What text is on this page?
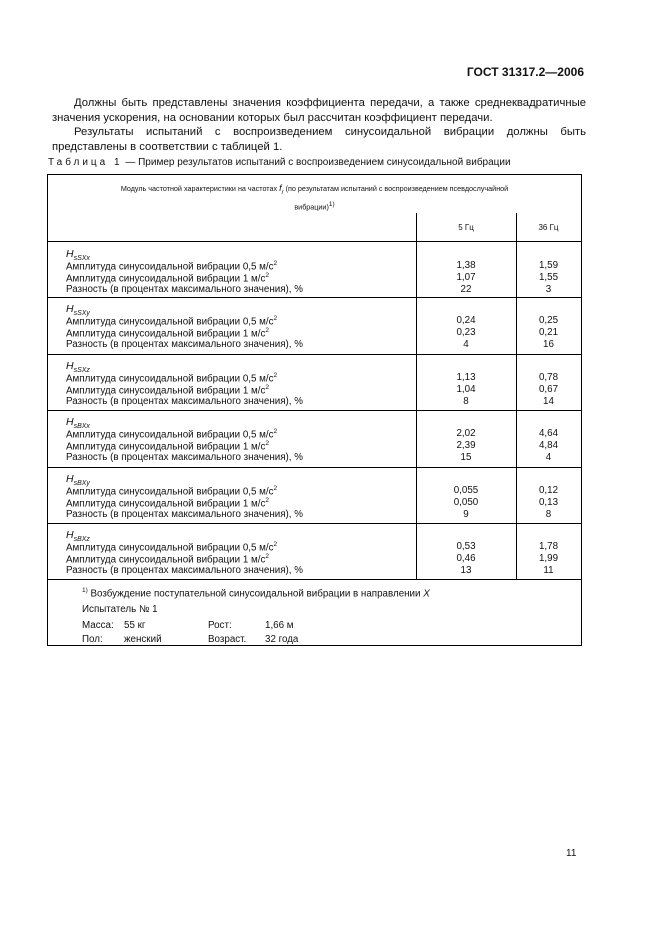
ГОСТ 31317.2—2006

Должны быть представлены значения коэффициента передачи, а также среднеквадратичные значения ускорения, на основании которых был рассчитан коэффициент передачи.

Результаты испытаний с воспроизведением синусоидальной вибрации должны быть представлены в соответствии с таблицей 1.

Таблица 1 — Пример результатов испытаний с воспроизведением синусоидальной вибрации
Модуль частотной характеристики на частотах $f_r$ (по результатам испытаний с воспроизведением псевдослучайной
вибрации)$^{1)}$
5 Гц	36 Гц
$^{1)}$ Возбуждение поступательной синусоидальной вибрации в направлении X
Испытатель № 1
Масса: 55 кг	Рост:	1,66 м
Пол: женский	Возраст. 32 года
$H_{sSXx}$
Амплитуда синусоидальной вибрации 0,5 $м/с^2$	1,38	1,59
Амплитуда синусоидальной вибрации 1 $м/с^2$	1,07	1,55
Разность (в процентах максимального значения), %	22	3
$H_{sSXy}$
Амплитуда синусоидальной вибрации 0,5 $м/с^2$	0,24	0,25
Амплитуда синусоидальной вибрации 1 $м/с^2$	0,23	0,21
Разность (в процентах максимального значения), %	4	16
$H_{sSXz}$
Амплитуда синусоидальной вибрации 0,5 $м/с^2$	1,13	0,78
Амплитуда синусоидальной вибрации 1 $м/с^2$	1,04	0,67
Разность (в процентах максимального значения), %	8	14
$H_{sBXx}$
Амплитуда синусоидальной вибрации 0,5 $м/с^2$	2,02	4,64
Амплитуда синусоидальной вибрации 1 $м/с^2$	2,39	4,84
Разность (в процентах максимального значения), %	15	4
$H_{sBXy}$
Амплитуда синусоидальной вибрации 0,5 $м/с^2$	0,055	0,12
Амплитуда синусоидальной вибрации 1 $м/с^2$	0,050	0,13
Разность (в процентах максимального значения), %	9	8
$H_{sBXz}$
Амплитуда синусоидальной вибрации 0,5 $м/с^2$	0,53	1,78
Амплитуда синусоидальной вибрации 1 $м/с^2$	0,46	1,99
Разность (в процентах максимального значения), %	13	11
11
